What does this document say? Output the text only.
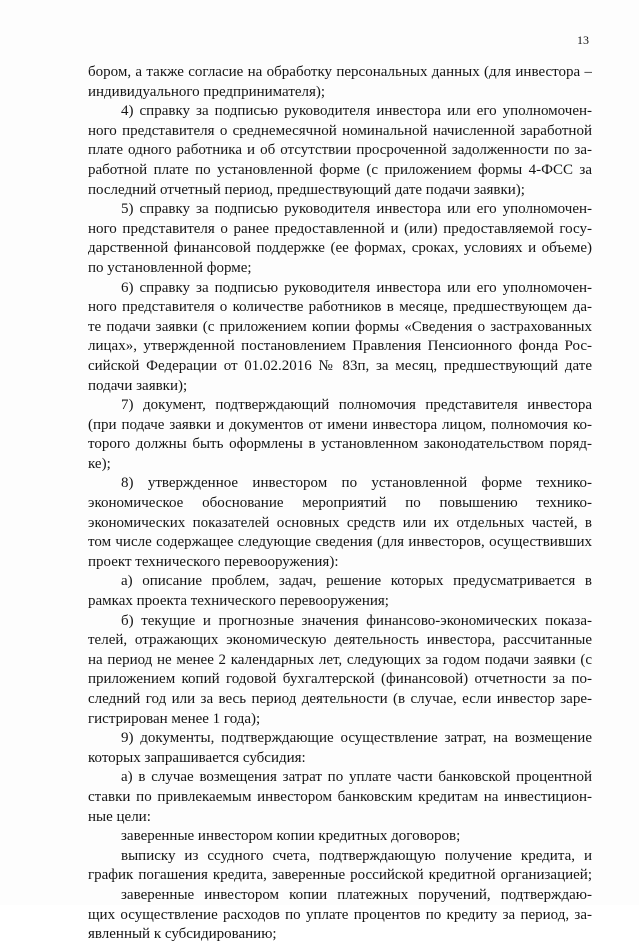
13
бором, а также согласие на обработку персональных данных (для инвестора –
индивидуального предпринимателя);
4) справку за подписью руководителя инвестора или его уполномочен-
ного представителя о среднемесячной номинальной начисленной заработной
плате одного работника и об отсутствии просроченной задолженности по за-
работной плате по установленной форме (с приложением формы 4-ФСС за
последний отчетный период, предшествующий дате подачи заявки);
5) справку за подписью руководителя инвестора или его уполномочен-
ного представителя о ранее предоставленной и (или) предоставляемой госу-
дарственной финансовой поддержке (ее формах, сроках, условиях и объеме)
по установленной форме;
6) справку за подписью руководителя инвестора или его уполномочен-
ного представителя о количестве работников в месяце, предшествующем да-
те подачи заявки (с приложением копии формы «Сведения о застрахованных
лицах», утвержденной постановлением Правления Пенсионного фонда Рос-
сийской Федерации от 01.02.2016 № 83п, за месяц, предшествующий дате
подачи заявки);
7) документ, подтверждающий полномочия представителя инвестора
(при подаче заявки и документов от имени инвестора лицом, полномочия ко-
торого должны быть оформлены в установленном законодательством поряд-
ке);
8) утвержденное инвестором по установленной форме технико-
экономическое обоснование мероприятий по повышению технико-
экономических показателей основных средств или их отдельных частей, в
том числе содержащее следующие сведения (для инвесторов, осуществивших
проект технического перевооружения):
а) описание проблем, задач, решение которых предусматривается в
рамках проекта технического перевооружения;
б) текущие и прогнозные значения финансово-экономических показа-
телей, отражающих экономическую деятельность инвестора, рассчитанные
на период не менее 2 календарных лет, следующих за годом подачи заявки (с
приложением копий годовой бухгалтерской (финансовой) отчетности за по-
следний год или за весь период деятельности (в случае, если инвестор заре-
гистрирован менее 1 года);
9) документы, подтверждающие осуществление затрат, на возмещение
которых запрашивается субсидия:
а) в случае возмещения затрат по уплате части банковской процентной
ставки по привлекаемым инвестором банковским кредитам на инвестицион-
ные цели:
заверенные инвестором копии кредитных договоров;
выписку из ссудного счета, подтверждающую получение кредита, и
график погашения кредита, заверенные российской кредитной организацией;
заверенные инвестором копии платежных поручений, подтверждаю-
щих осуществление расходов по уплате процентов по кредиту за период, за-
явленный к субсидированию;
